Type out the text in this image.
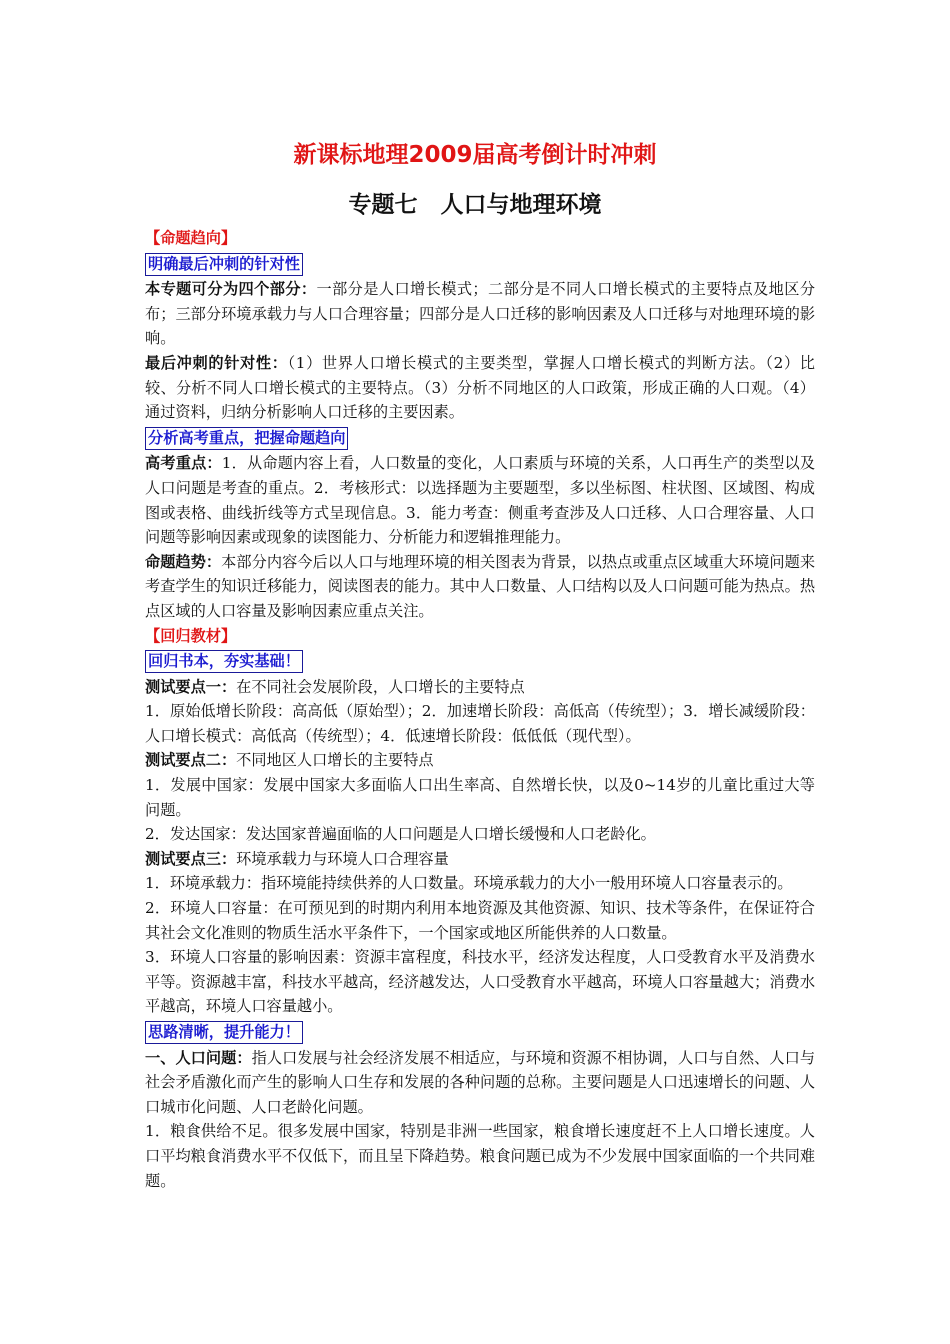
新课标地理2009届高考倒计时冲刺
专题七　人口与地理环境

【命题趋向】

明确最后冲刺的针对性

本专题可分为四个部分：一部分是人口增长模式；二部分是不同人口增长模式的主要特点及地区分布；三部分环境承载力与人口合理容量；四部分是人口迁移的影响因素及人口迁移与对地理环境的影响。

最后冲刺的针对性：（1）世界人口增长模式的主要类型，掌握人口增长模式的判断方法。（2）比较、分析不同人口增长模式的主要特点。（3）分析不同地区的人口政策，形成正确的人口观。（4）通过资料，归纳分析影响人口迁移的主要因素。

分析高考重点，把握命题趋向

高考重点：1．从命题内容上看，人口数量的变化，人口素质与环境的关系，人口再生产的类型以及人口问题是考查的重点。2．考核形式：以选择题为主要题型，多以坐标图、柱状图、区域图、构成图或表格、曲线折线等方式呈现信息。3．能力考查：侧重考查涉及人口迁移、人口合理容量、人口问题等影响因素或现象的读图能力、分析能力和逻辑推理能力。

命题趋势：本部分内容今后以人口与地理环境的相关图表为背景，以热点或重点区域重大环境问题来考查学生的知识迁移能力，阅读图表的能力。其中人口数量、人口结构以及人口问题可能为热点。热点区域的人口容量及影响因素应重点关注。

【回归教材】

回归书本，夯实基础！

测试要点一：在不同社会发展阶段，人口增长的主要特点

1．原始低增长阶段：高高低（原始型）；2．加速增长阶段：高低高（传统型）；3．增长减缓阶段：人口增长模式：高低高（传统型）；4．低速增长阶段：低低低（现代型）。

测试要点二：不同地区人口增长的主要特点

1．发展中国家：发展中国家大多面临人口出生率高、自然增长快，以及0~14岁的儿童比重过大等问题。

2．发达国家：发达国家普遍面临的人口问题是人口增长缓慢和人口老龄化。

测试要点三：环境承载力与环境人口合理容量

1．环境承载力：指环境能持续供养的人口数量。环境承载力的大小一般用环境人口容量表示的。

2．环境人口容量：在可预见到的时期内利用本地资源及其他资源、知识、技术等条件，在保证符合其社会文化准则的物质生活水平条件下，一个国家或地区所能供养的人口数量。

3．环境人口容量的影响因素：资源丰富程度，科技水平，经济发达程度，人口受教育水平及消费水平等。资源越丰富，科技水平越高，经济越发达，人口受教育水平越高，环境人口容量越大；消费水平越高，环境人口容量越小。

思路清晰，提升能力！

一、人口问题：指人口发展与社会经济发展不相适应，与环境和资源不相协调，人口与自然、人口与社会矛盾激化而产生的影响人口生存和发展的各种问题的总称。主要问题是人口迅速增长的问题、人口城市化问题、人口老龄化问题。

1．粮食供给不足。很多发展中国家，特别是非洲一些国家，粮食增长速度赶不上人口增长速度。人口平均粮食消费水平不仅低下，而且呈下降趋势。粮食问题已成为不少发展中国家面临的一个共同难题。
